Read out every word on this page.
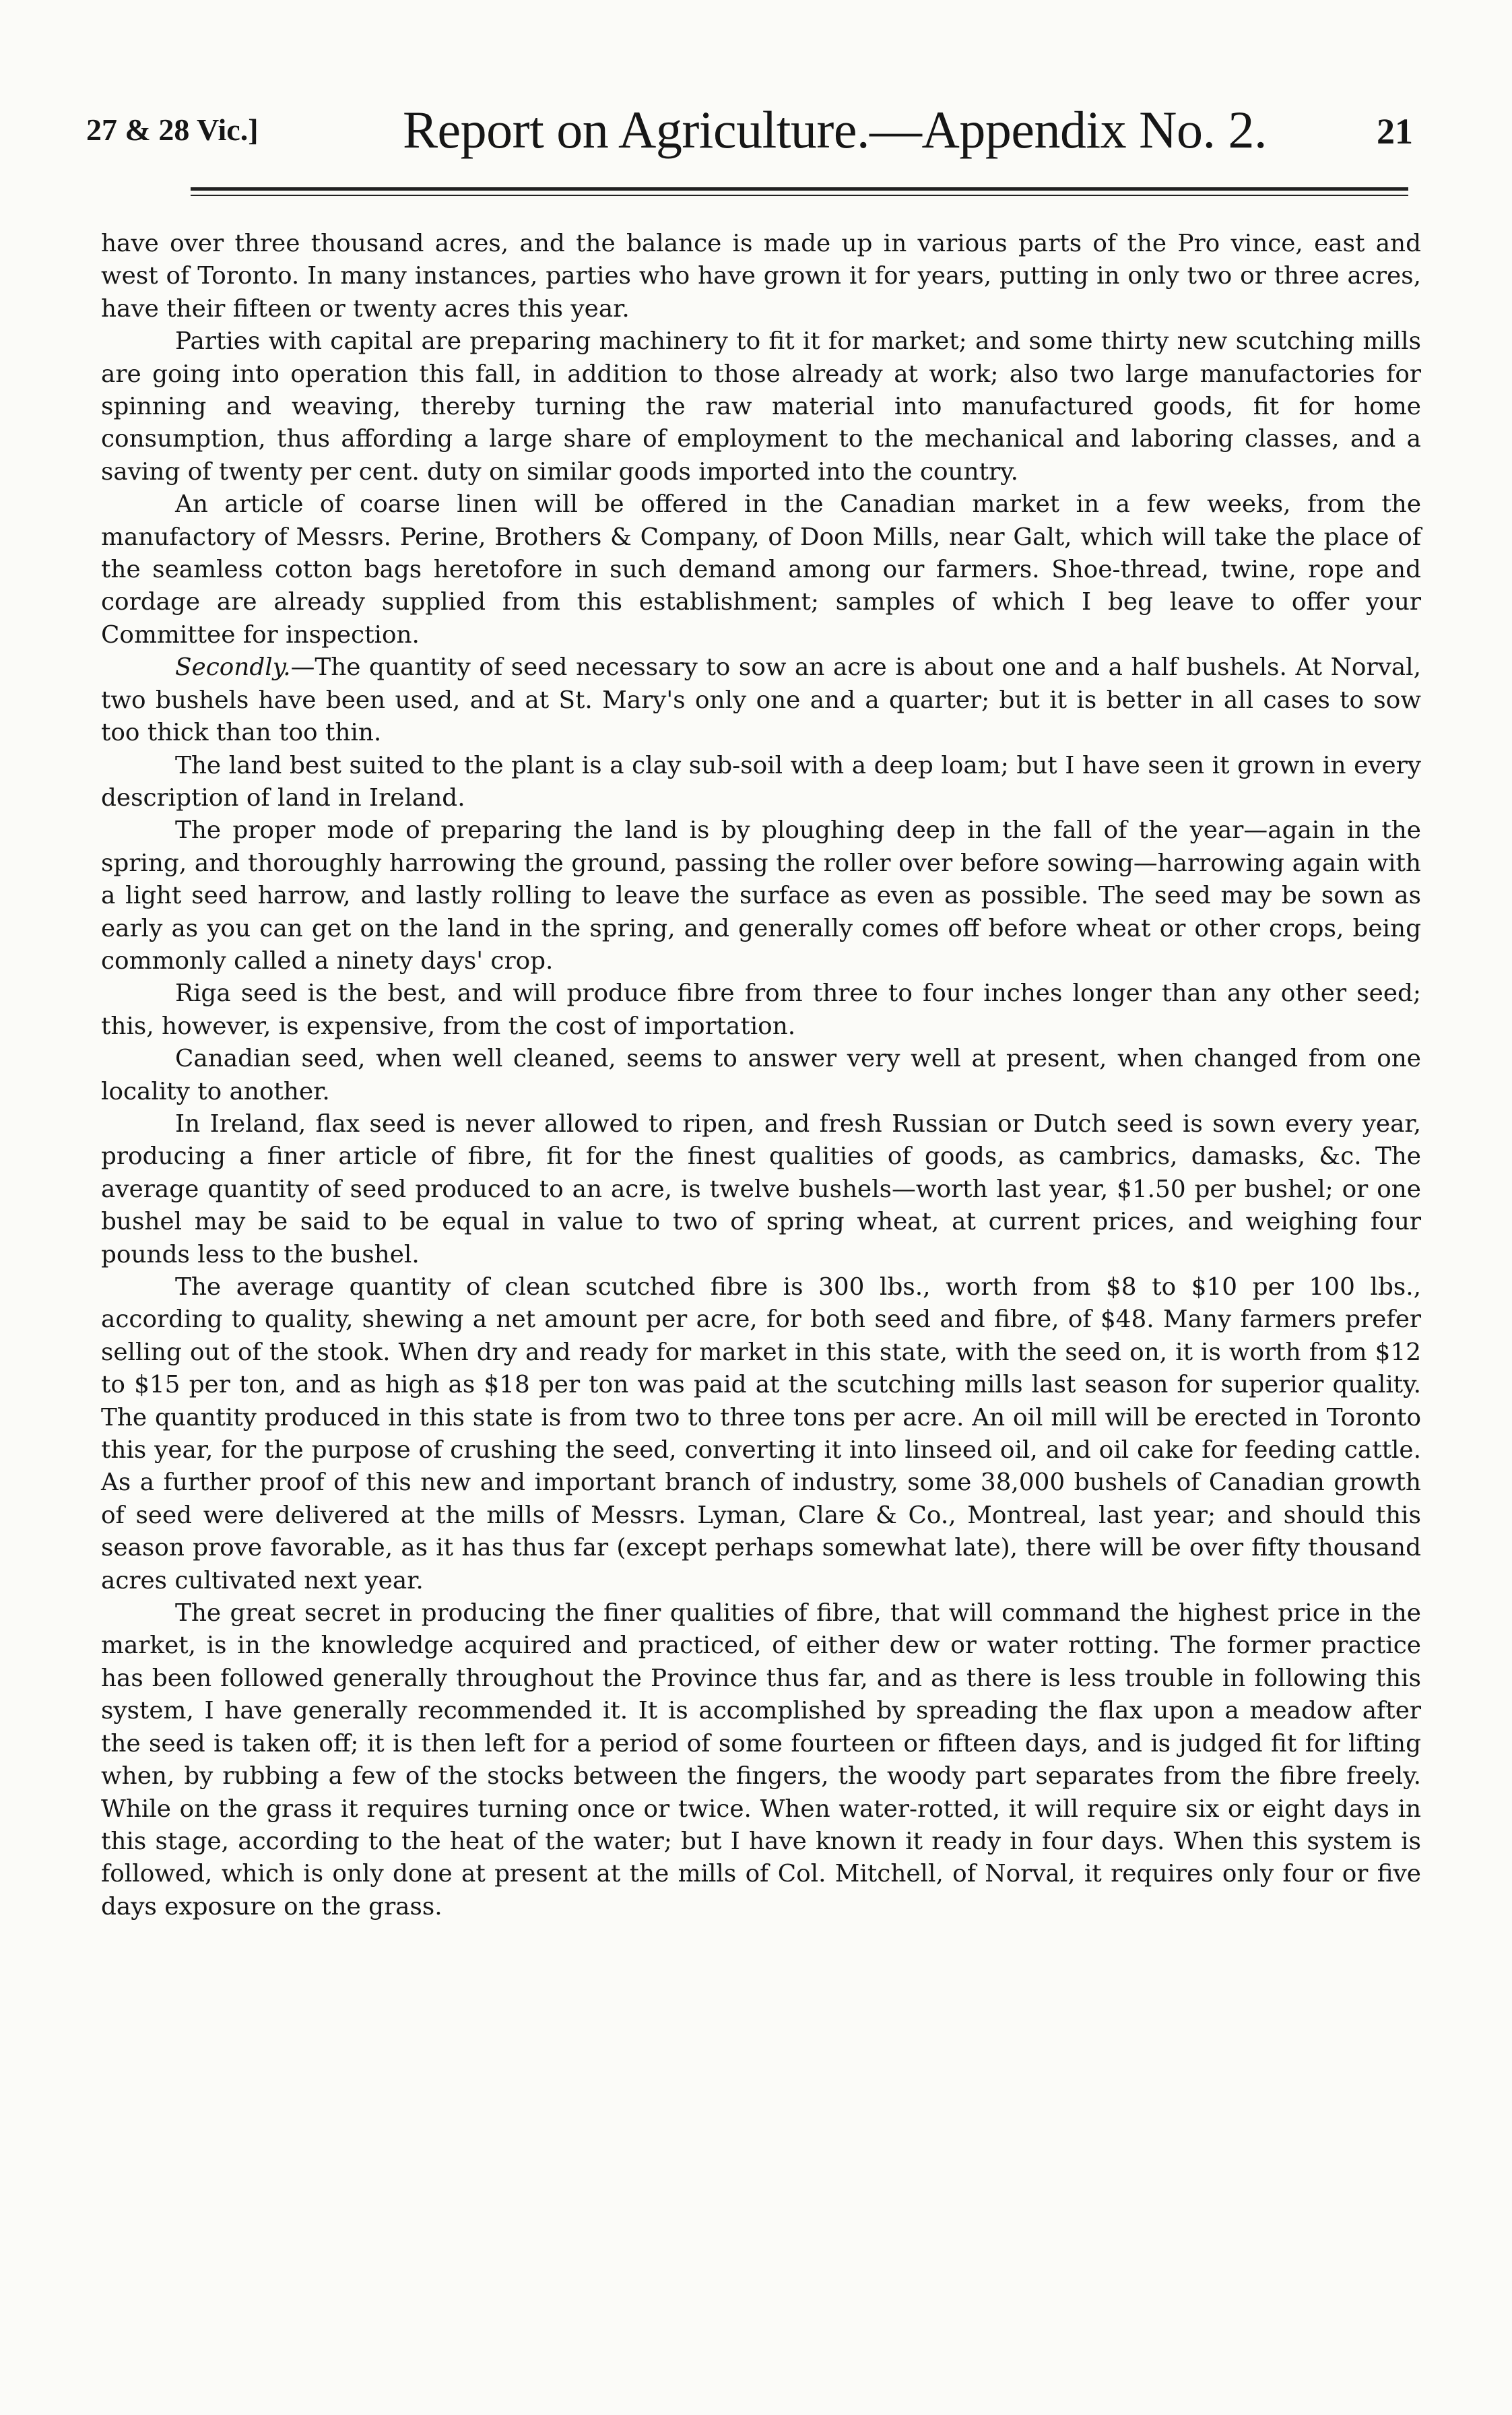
27 & 28 Vic.]	Report on Agriculture.—Appendix No. 2.	21

have over three thousand acres, and the balance is made up in various parts of the Pro vince, east and west of Toronto. In many instances, parties who have grown it for years, putting in only two or three acres, have their fifteen or twenty acres this year.

Parties with capital are preparing machinery to fit it for market; and some thirty new scutching mills are going into operation this fall, in addition to those already at work; also two large manufactories for spinning and weaving, thereby turning the raw material into manufactured goods, fit for home consumption, thus affording a large share of employment to the mechanical and laboring classes, and a saving of twenty per cent. duty on similar goods imported into the country.

An article of coarse linen will be offered in the Canadian market in a few weeks, from the manufactory of Messrs. Perine, Brothers & Company, of Doon Mills, near Galt, which will take the place of the seamless cotton bags heretofore in such demand among our farmers. Shoe-thread, twine, rope and cordage are already supplied from this establishment; samples of which I beg leave to offer your Committee for inspection.

Secondly.—The quantity of seed necessary to sow an acre is about one and a half bushels. At Norval, two bushels have been used, and at St. Mary's only one and a quarter; but it is better in all cases to sow too thick than too thin.

The land best suited to the plant is a clay sub-soil with a deep loam; but I have seen it grown in every description of land in Ireland.

The proper mode of preparing the land is by ploughing deep in the fall of the year—again in the spring, and thoroughly harrowing the ground, passing the roller over before sowing—harrowing again with a light seed harrow, and lastly rolling to leave the surface as even as possible. The seed may be sown as early as you can get on the land in the spring, and generally comes off before wheat or other crops, being commonly called a ninety days' crop.

Riga seed is the best, and will produce fibre from three to four inches longer than any other seed; this, however, is expensive, from the cost of importation.

Canadian seed, when well cleaned, seems to answer very well at present, when changed from one locality to another.

In Ireland, flax seed is never allowed to ripen, and fresh Russian or Dutch seed is sown every year, producing a finer article of fibre, fit for the finest qualities of goods, as cambrics, damasks, &c. The average quantity of seed produced to an acre, is twelve bushels—worth last year, $1.50 per bushel; or one bushel may be said to be equal in value to two of spring wheat, at current prices, and weighing four pounds less to the bushel.

The average quantity of clean scutched fibre is 300 lbs., worth from $8 to $10 per 100 lbs., according to quality, shewing a net amount per acre, for both seed and fibre, of $48. Many farmers prefer selling out of the stook. When dry and ready for market in this state, with the seed on, it is worth from $12 to $15 per ton, and as high as $18 per ton was paid at the scutching mills last season for superior quality. The quantity produced in this state is from two to three tons per acre. An oil mill will be erected in Toronto this year, for the purpose of crushing the seed, converting it into linseed oil, and oil cake for feeding cattle. As a further proof of this new and important branch of industry, some 38,000 bushels of Canadian growth of seed were delivered at the mills of Messrs. Lyman, Clare & Co., Montreal, last year; and should this season prove favorable, as it has thus far (except perhaps somewhat late), there will be over fifty thousand acres cultivated next year.

The great secret in producing the finer qualities of fibre, that will command the highest price in the market, is in the knowledge acquired and practiced, of either dew or water rotting. The former practice has been followed generally throughout the Province thus far, and as there is less trouble in following this system, I have generally recommended it. It is accomplished by spreading the flax upon a meadow after the seed is taken off; it is then left for a period of some fourteen or fifteen days, and is judged fit for lifting when, by rubbing a few of the stocks between the fingers, the woody part separates from the fibre freely. While on the grass it requires turning once or twice. When water-rotted, it will require six or eight days in this stage, according to the heat of the water; but I have known it ready in four days. When this system is followed, which is only done at present at the mills of Col. Mitchell, of Norval, it requires only four or five days exposure on the grass.
